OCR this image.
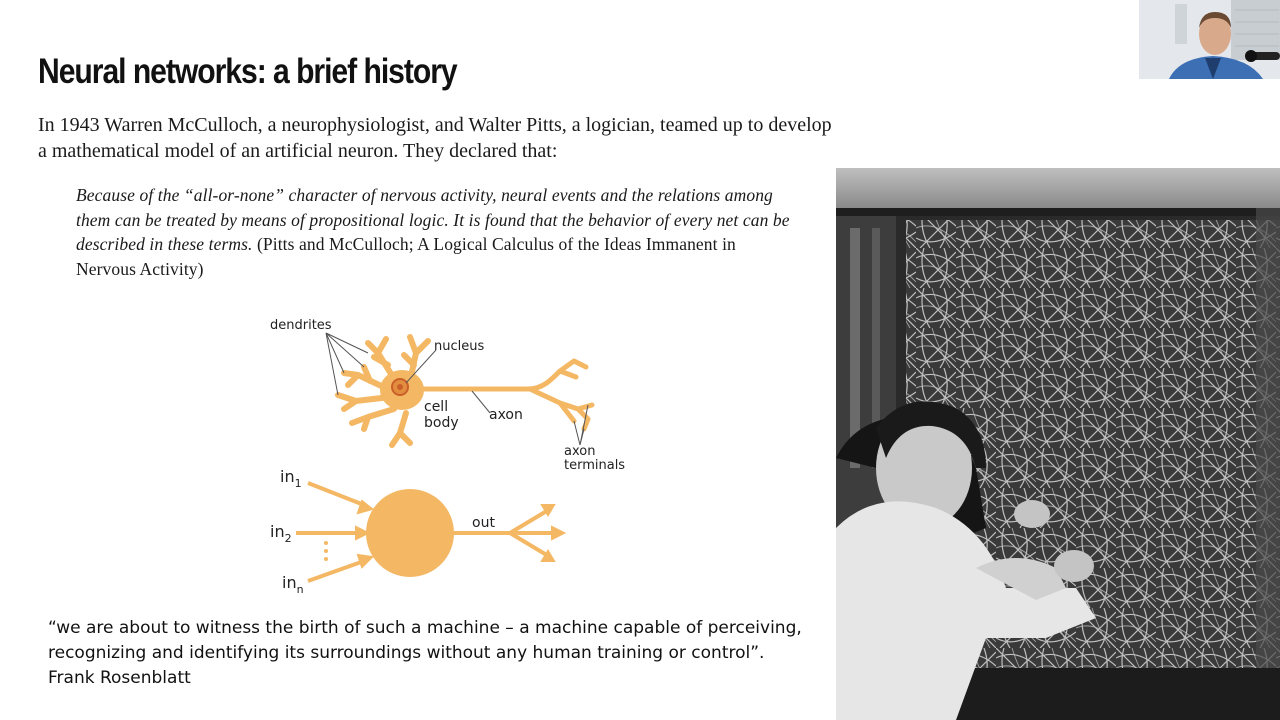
Neural networks: a brief history

In 1943 Warren McCulloch, a neurophysiologist, and Walter Pitts, a logician, teamed up to develop a mathematical model of an artificial neuron. They declared that:

Because of the “all-or-none” character of nervous activity, neural events and the relations among them can be treated by means of propositional logic. It is found that the behavior of every net can be described in these terms. (Pitts and McCulloch; A Logical Calculus of the Ideas Immanent in Nervous Activity)

dendrites
nucleus
cell
body axon
axon
terminals
$in_1$
$in_2$
$in_n$
out

“we are about to witness the birth of such a machine – a machine capable of perceiving, recognizing and identifying its surroundings without any human training or control”.
Frank Rosenblatt
